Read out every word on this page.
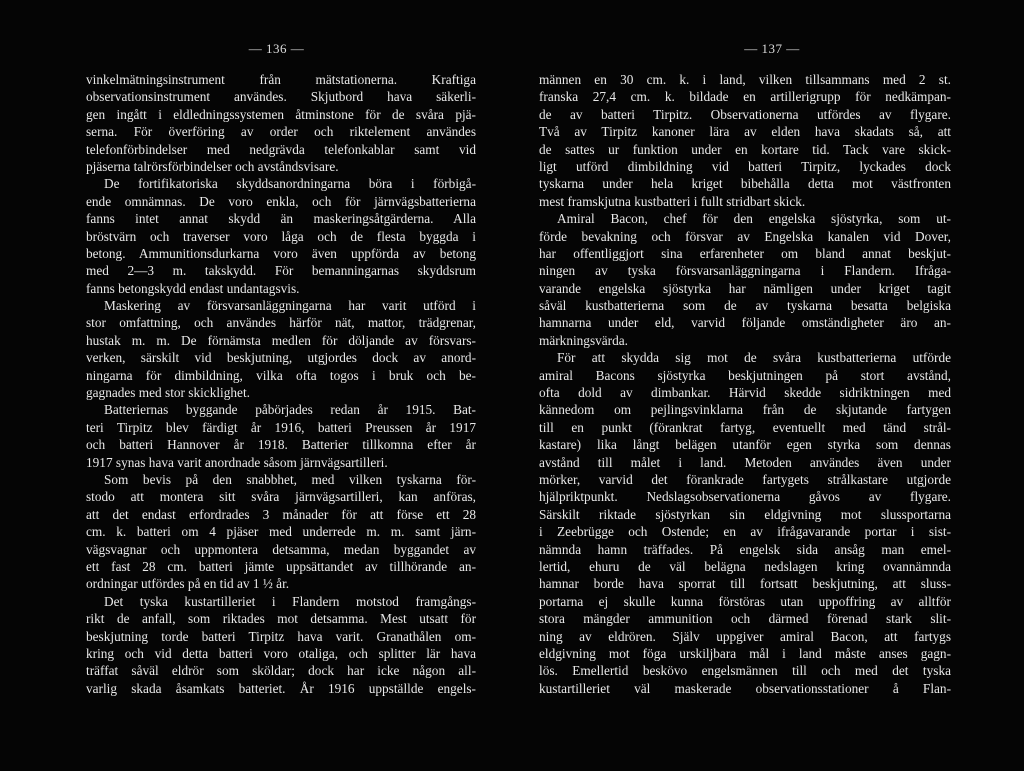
— 136 —
vinkelmätningsinstrument från mätstationerna. Kraftiga
observationsinstrument användes. Skjutbord hava säkerli-
gen ingått i eldledningssystemen åtminstone för de svåra pjä-
serna. För överföring av order och riktelement användes
telefonförbindelser med nedgrävda telefonkablar samt vid
pjäserna talrörsförbindelser och avståndsvisare.
De fortifikatoriska skyddsanordningarna böra i förbigå-
ende omnämnas. De voro enkla, och för järnvägsbatterierna
fanns intet annat skydd än maskeringsåtgärderna. Alla
bröstvärn och traverser voro låga och de flesta byggda i
betong. Ammunitionsdurkarna voro även uppförda av betong
med 2—3 m. takskydd. För bemanningarnas skyddsrum
fanns betongskydd endast undantagsvis.
Maskering av försvarsanläggningarna har varit utförd i
stor omfattning, och användes härför nät, mattor, trädgrenar,
hustak m. m. De förnämsta medlen för döljande av försvars-
verken, särskilt vid beskjutning, utgjordes dock av anord-
ningarna för dimbildning, vilka ofta togos i bruk och be-
gagnades med stor skicklighet.
Batteriernas byggande påbörjades redan år 1915. Bat-
teri Tirpitz blev färdigt år 1916, batteri Preussen år 1917
och batteri Hannover år 1918. Batterier tillkomna efter år
1917 synas hava varit anordnade såsom järnvägsartilleri.
Som bevis på den snabbhet, med vilken tyskarna för-
stodo att montera sitt svåra järnvägsartilleri, kan anföras,
att det endast erfordrades 3 månader för att förse ett 28
cm. k. batteri om 4 pjäser med underrede m. m. samt järn-
vägsvagnar och uppmontera detsamma, medan byggandet av
ett fast 28 cm. batteri jämte uppsättandet av tillhörande an-
ordningar utfördes på en tid av 1 ½ år.
Det tyska kustartilleriet i Flandern motstod framgångs-
rikt de anfall, som riktades mot detsamma. Mest utsatt för
beskjutning torde batteri Tirpitz hava varit. Granathålen om-
kring och vid detta batteri voro otaliga, och splitter lär hava
träffat såväl eldrör som sköldar; dock har icke någon all-
varlig skada åsamkats batteriet. År 1916 uppställde engels-
— 137 —
männen en 30 cm. k. i land, vilken tillsammans med 2 st.
franska 27,4 cm. k. bildade en artillerigrupp för nedkämpan-
de av batteri Tirpitz. Observationerna utfördes av flygare.
Två av Tirpitz kanoner lära av elden hava skadats så, att
de sattes ur funktion under en kortare tid. Tack vare skick-
ligt utförd dimbildning vid batteri Tirpitz, lyckades dock
tyskarna under hela kriget bibehålla detta mot västfronten
mest framskjutna kustbatteri i fullt stridbart skick.
Amiral Bacon, chef för den engelska sjöstyrka, som ut-
förde bevakning och försvar av Engelska kanalen vid Dover,
har offentliggjort sina erfarenheter om bland annat beskjut-
ningen av tyska försvarsanläggningarna i Flandern. Ifråga-
varande engelska sjöstyrka har nämligen under kriget tagit
såväl kustbatterierna som de av tyskarna besatta belgiska
hamnarna under eld, varvid följande omständigheter äro an-
märkningsvärda.
För att skydda sig mot de svåra kustbatterierna utförde
amiral Bacons sjöstyrka beskjutningen på stort avstånd,
ofta dold av dimbankar. Härvid skedde sidriktningen med
kännedom om pejlingsvinklarna från de skjutande fartygen
till en punkt (förankrat fartyg, eventuellt med tänd strål-
kastare) lika långt belägen utanför egen styrka som dennas
avstånd till målet i land. Metoden användes även under
mörker, varvid det förankrade fartygets strålkastare utgjorde
hjälpriktpunkt. Nedslagsobservationerna gåvos av flygare.
Särskilt riktade sjöstyrkan sin eldgivning mot slussportarna
i Zeebrügge och Ostende; en av ifrågavarande portar i sist-
nämnda hamn träffades. På engelsk sida ansåg man emel-
lertid, ehuru de väl belägna nedslagen kring ovannämnda
hamnar borde hava sporrat till fortsatt beskjutning, att sluss-
portarna ej skulle kunna förstöras utan uppoffring av alltför
stora mängder ammunition och därmed förenad stark slit-
ning av eldrören. Själv uppgiver amiral Bacon, att fartygs
eldgivning mot föga urskiljbara mål i land måste anses gagn-
lös. Emellertid beskövo engelsmännen till och med det tyska
kustartilleriet väl maskerade observationsstationer å Flan-
